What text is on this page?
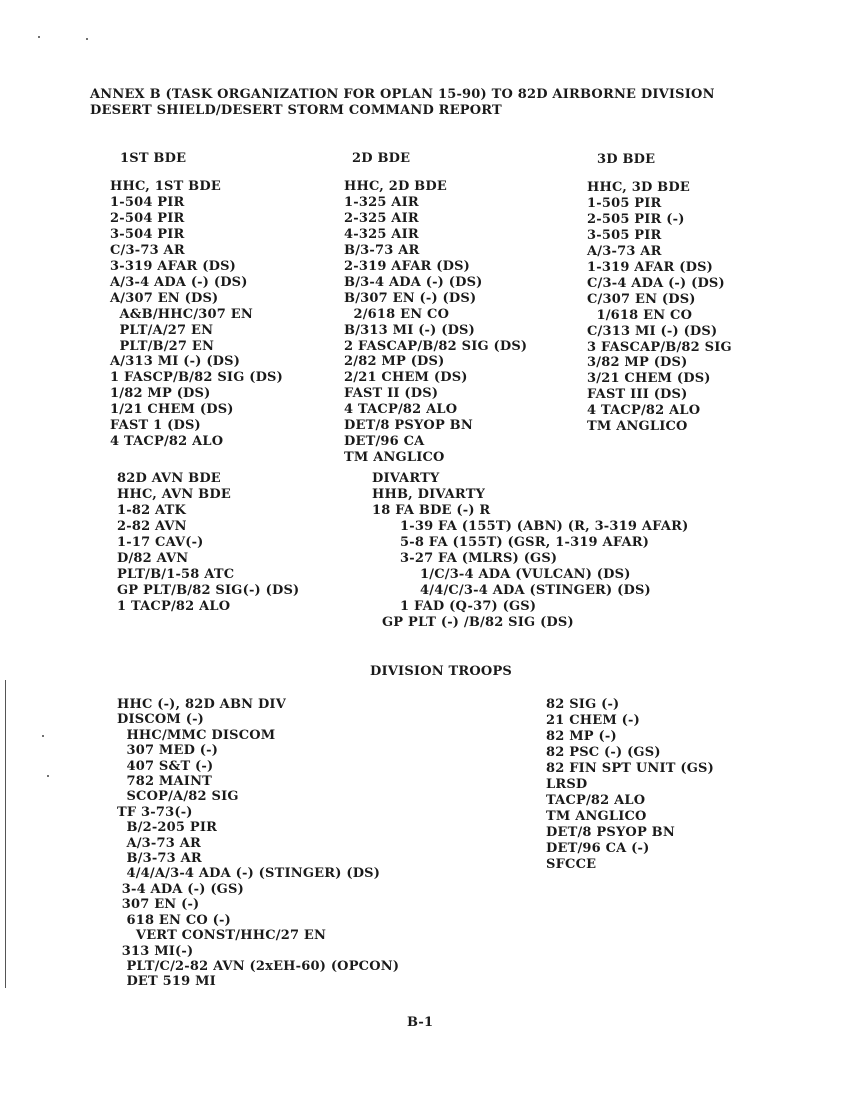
ANNEX B (TASK ORGANIZATION FOR OPLAN 15-90) TO 82D AIRBORNE DIVISION
DESERT SHIELD/DESERT STORM COMMAND REPORT
1ST BDE	2D BDE	3D BDE
HHC, 1ST BDE
1-504 PIR
2-504 PIR
3-504 PIR
C/3-73 AR
3-319 AFAR (DS)
A/3-4 ADA (-) (DS)
A/307 EN (DS)
A&B/HHC/307 EN
PLT/A/27 EN
PLT/B/27 EN
A/313 MI (-) (DS)
1 FASCP/B/82 SIG (DS)
1/82 MP (DS)
1/21 CHEM (DS)
FAST 1 (DS)
4 TACP/82 ALO
HHC, 2D BDE
1-325 AIR
2-325 AIR
4-325 AIR
B/3-73 AR
2-319 AFAR (DS)
B/3-4 ADA (-) (DS)
B/307 EN (-) (DS)
2/618 EN CO
B/313 MI (-) (DS)
2 FASCAP/B/82 SIG (DS)
2/82 MP (DS)
2/21 CHEM (DS)
FAST II (DS)
4 TACP/82 ALO
DET/8 PSYOP BN
DET/96 CA
TM ANGLICO
HHC, 3D BDE
1-505 PIR
2-505 PIR (-)
3-505 PIR
A/3-73 AR
1-319 AFAR (DS)
C/3-4 ADA (-) (DS)
C/307 EN (DS)
1/618 EN CO
C/313 MI (-) (DS)
3 FASCAP/B/82 SIG
3/82 MP (DS)
3/21 CHEM (DS)
FAST III (DS)
4 TACP/82 ALO
TM ANGLICO
82D AVN BDE
HHC, AVN BDE
1-82 ATK
2-82 AVN
1-17 CAV(-)
D/82 AVN
PLT/B/1-58 ATC
GP PLT/B/82 SIG(-) (DS)
1 TACP/82 ALO
DIVARTY
HHB, DIVARTY
18 FA BDE (-) R
1-39 FA (155T) (ABN) (R, 3-319 AFAR)
5-8 FA (155T) (GSR, 1-319 AFAR)
3-27 FA (MLRS) (GS)
1/C/3-4 ADA (VULCAN) (DS)
4/4/C/3-4 ADA (STINGER) (DS)
1 FAD (Q-37) (GS)
GP PLT (-) /B/82 SIG (DS)
DIVISION TROOPS
HHC (-), 82D ABN DIV
DISCOM (-)
HHC/MMC DISCOM
307 MED (-)
407 S&T (-)
782 MAINT
SCOP/A/82 SIG
TF 3-73(-)
B/2-205 PIR
A/3-73 AR
B/3-73 AR
4/4/A/3-4 ADA (-) (STINGER) (DS)
3-4 ADA (-) (GS)
307 EN (-)
618 EN CO (-)
VERT CONST/HHC/27 EN
313 MI(-)
PLT/C/2-82 AVN (2xEH-60) (OPCON)
DET 519 MI
82 SIG (-)
21 CHEM (-)
82 MP (-)
82 PSC (-) (GS)
82 FIN SPT UNIT (GS)
LRSD
TACP/82 ALO
TM ANGLICO
DET/8 PSYOP BN
DET/96 CA (-)
SFCCE
B-1
